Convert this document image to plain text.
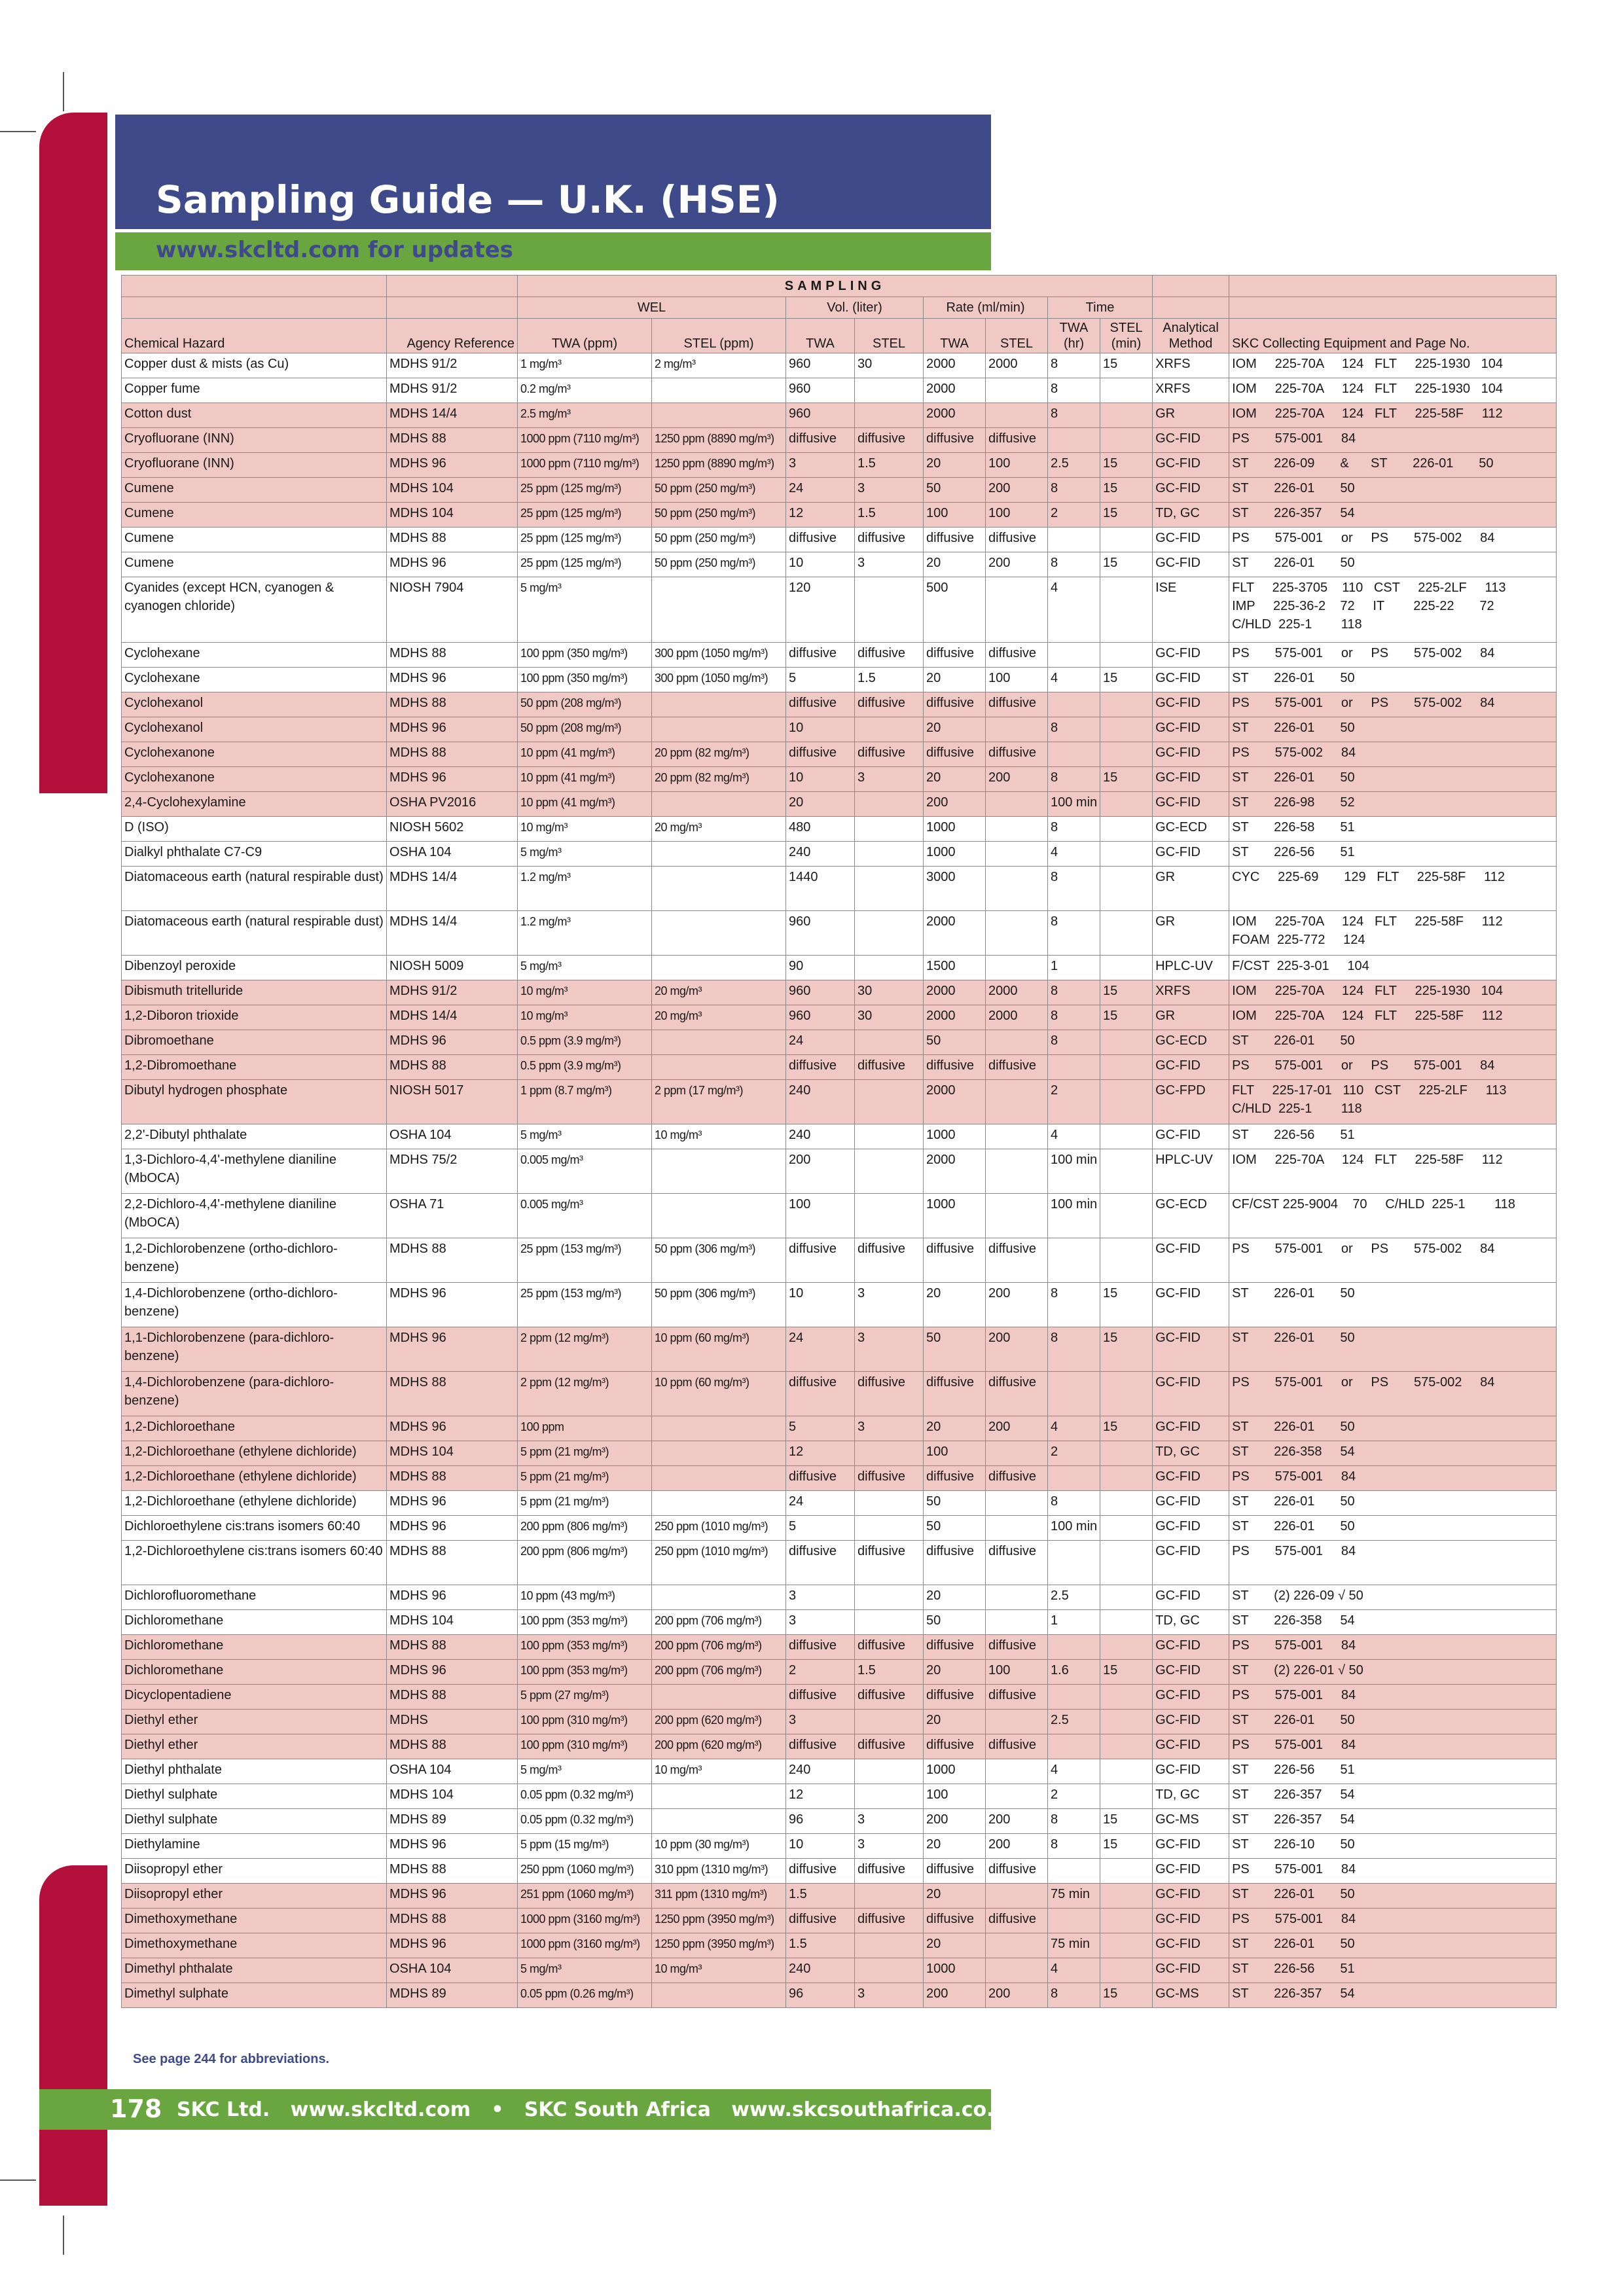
Sampling Guide — U.K. (HSE)
www.skcltd.com for updates
		SAMPLING									
		WEL		Vol. (liter)		Rate (ml/min)		Time			
Chemical Hazard	Agency Reference	TWA (ppm)	STEL (ppm)	TWA	STEL	TWA	STEL	TWA (hr)	STEL (min)	Analytical Method	SKC Collecting Equipment and Page No.
Copper dust & mists (as Cu)	MDHS 91/2	1 mg/m³	2 mg/m³	960	30	2000	2000	8	15	XRFS	IOM     225-70A     124   FLT     225-1930   104
Copper fume	MDHS 91/2	0.2 mg/m³		960		2000		8		XRFS	IOM     225-70A     124   FLT     225-1930   104
Cotton dust	MDHS 14/4	2.5 mg/m³		960		2000		8		GR	IOM     225-70A     124   FLT     225-58F     112
Cryofluorane (INN)	MDHS 88	1000 ppm (7110 mg/m³)	1250 ppm (8890 mg/m³)	diffusive	diffusive	diffusive	diffusive			GC-FID	PS       575-001     84
Cryofluorane (INN)	MDHS 96	1000 ppm (7110 mg/m³)	1250 ppm (8890 mg/m³)	3	1.5	20	100	2.5	15	GC-FID	ST       226-09       &      ST       226-01       50
Cumene	MDHS 104	25 ppm (125 mg/m³)	50 ppm (250 mg/m³)	24	3	50	200	8	15	GC-FID	ST       226-01       50
Cumene	MDHS 104	25 ppm (125 mg/m³)	50 ppm (250 mg/m³)	12	1.5	100	100	2	15	TD, GC	ST       226-357     54
Cumene	MDHS 88	25 ppm (125 mg/m³)	50 ppm (250 mg/m³)	diffusive	diffusive	diffusive	diffusive			GC-FID	PS       575-001     or     PS       575-002     84
Cumene	MDHS 96	25 ppm (125 mg/m³)	50 ppm (250 mg/m³)	10	3	20	200	8	15	GC-FID	ST       226-01       50
Cyanides (except HCN, cyanogen & cyanogen chloride)	NIOSH 7904	5 mg/m³		120		500		4		ISE	FLT     225-3705    110   CST     225-2LF     113
IMP     225-36-2    72     IT        225-22       72
C/HLD  225-1        118
Cyclohexane	MDHS 88	100 ppm (350 mg/m³)	300 ppm (1050 mg/m³)	diffusive	diffusive	diffusive	diffusive			GC-FID	PS       575-001     or     PS       575-002     84
Cyclohexane	MDHS 96	100 ppm (350 mg/m³)	300 ppm (1050 mg/m³)	5	1.5	20	100	4	15	GC-FID	ST       226-01       50
Cyclohexanol	MDHS 88	50 ppm (208 mg/m³)		diffusive	diffusive	diffusive	diffusive			GC-FID	PS       575-001     or     PS       575-002     84
Cyclohexanol	MDHS 96	50 ppm (208 mg/m³)		10		20		8		GC-FID	ST       226-01       50
Cyclohexanone	MDHS 88	10 ppm (41 mg/m³)	20 ppm (82 mg/m³)	diffusive	diffusive	diffusive	diffusive			GC-FID	PS       575-002     84
Cyclohexanone	MDHS 96	10 ppm (41 mg/m³)	20 ppm (82 mg/m³)	10	3	20	200	8	15	GC-FID	ST       226-01       50
2,4-Cyclohexylamine	OSHA PV2016	10 ppm (41 mg/m³)		20		200		100 min		GC-FID	ST       226-98       52
D (ISO)	NIOSH 5602	10 mg/m³	20 mg/m³	480		1000		8		GC-ECD	ST       226-58       51
Dialkyl phthalate C7-C9	OSHA 104	5 mg/m³		240		1000		4		GC-FID	ST       226-56       51
Diatomaceous earth (natural respirable dust)	MDHS 14/4	1.2 mg/m³		1440		3000		8		GR	CYC     225-69       129   FLT     225-58F     112
Diatomaceous earth (natural respirable dust)	MDHS 14/4	1.2 mg/m³		960		2000		8		GR	IOM     225-70A     124   FLT     225-58F     112
FOAM  225-772     124
Dibenzoyl peroxide	NIOSH 5009	5 mg/m³		90		1500		1		HPLC-UV	F/CST  225-3-01     104
Dibismuth tritelluride	MDHS 91/2	10 mg/m³	20 mg/m³	960	30	2000	2000	8	15	XRFS	IOM     225-70A     124   FLT     225-1930   104
1,2-Diboron trioxide	MDHS 14/4	10 mg/m³	20 mg/m³	960	30	2000	2000	8	15	GR	IOM     225-70A     124   FLT     225-58F     112
Dibromoethane	MDHS 96	0.5 ppm (3.9 mg/m³)		24		50		8		GC-ECD	ST       226-01       50
1,2-Dibromoethane	MDHS 88	0.5 ppm (3.9 mg/m³)		diffusive	diffusive	diffusive	diffusive			GC-FID	PS       575-001     or     PS       575-001     84
Dibutyl hydrogen phosphate	NIOSH 5017	1 ppm (8.7 mg/m³)	2 ppm (17 mg/m³)	240		2000		2		GC-FPD	FLT     225-17-01   110   CST     225-2LF     113
C/HLD  225-1        118
2,2'-Dibutyl phthalate	OSHA 104	5 mg/m³	10 mg/m³	240		1000		4		GC-FID	ST       226-56       51
1,3-Dichloro-4,4'-methylene dianiline (MbOCA)	MDHS 75/2	0.005 mg/m³		200		2000		100 min		HPLC-UV	IOM     225-70A     124   FLT     225-58F     112
2,2-Dichloro-4,4'-methylene dianiline (MbOCA)	OSHA 71	0.005 mg/m³		100		1000		100 min		GC-ECD	CF/CST 225-9004    70     C/HLD  225-1        118
1,2-Dichlorobenzene (ortho-dichloro-benzene)	MDHS 88	25 ppm (153 mg/m³)	50 ppm (306 mg/m³)	diffusive	diffusive	diffusive	diffusive			GC-FID	PS       575-001     or     PS       575-002     84
1,4-Dichlorobenzene (ortho-dichloro-benzene)	MDHS 96	25 ppm (153 mg/m³)	50 ppm (306 mg/m³)	10	3	20	200	8	15	GC-FID	ST       226-01       50
1,1-Dichlorobenzene (para-dichloro-benzene)	MDHS 96	2 ppm (12 mg/m³)	10 ppm (60 mg/m³)	24	3	50	200	8	15	GC-FID	ST       226-01       50
1,4-Dichlorobenzene (para-dichloro-benzene)	MDHS 88	2 ppm (12 mg/m³)	10 ppm (60 mg/m³)	diffusive	diffusive	diffusive	diffusive			GC-FID	PS       575-001     or     PS       575-002     84
1,2-Dichloroethane	MDHS 96	100 ppm		5	3	20	200	4	15	GC-FID	ST       226-01       50
1,2-Dichloroethane (ethylene dichloride)	MDHS 104	5 ppm (21 mg/m³)		12		100		2		TD, GC	ST       226-358     54
1,2-Dichloroethane (ethylene dichloride)	MDHS 88	5 ppm (21 mg/m³)		diffusive	diffusive	diffusive	diffusive			GC-FID	PS       575-001     84
1,2-Dichloroethane (ethylene dichloride)	MDHS 96	5 ppm (21 mg/m³)		24		50		8		GC-FID	ST       226-01       50
Dichloroethylene cis:trans isomers 60:40	MDHS 96	200 ppm (806 mg/m³)	250 ppm (1010 mg/m³)	5		50		100 min		GC-FID	ST       226-01       50
1,2-Dichloroethylene cis:trans isomers 60:40	MDHS 88	200 ppm (806 mg/m³)	250 ppm (1010 mg/m³)	diffusive	diffusive	diffusive	diffusive			GC-FID	PS       575-001     84
Dichlorofluoromethane	MDHS 96	10 ppm (43 mg/m³)		3		20		2.5		GC-FID	ST       (2) 226-09 √ 50
Dichloromethane	MDHS 104	100 ppm (353 mg/m³)	200 ppm (706 mg/m³)	3		50		1		TD, GC	ST       226-358     54
Dichloromethane	MDHS 88	100 ppm (353 mg/m³)	200 ppm (706 mg/m³)	diffusive	diffusive	diffusive	diffusive			GC-FID	PS       575-001     84
Dichloromethane	MDHS 96	100 ppm (353 mg/m³)	200 ppm (706 mg/m³)	2	1.5	20	100	1.6	15	GC-FID	ST       (2) 226-01 √ 50
Dicyclopentadiene	MDHS 88	5 ppm (27 mg/m³)		diffusive	diffusive	diffusive	diffusive			GC-FID	PS       575-001     84
Diethyl ether	MDHS	100 ppm (310 mg/m³)	200 ppm (620 mg/m³)	3		20		2.5		GC-FID	ST       226-01       50
Diethyl ether	MDHS 88	100 ppm (310 mg/m³)	200 ppm (620 mg/m³)	diffusive	diffusive	diffusive	diffusive			GC-FID	PS       575-001     84
Diethyl phthalate	OSHA 104	5 mg/m³	10 mg/m³	240		1000		4		GC-FID	ST       226-56       51
Diethyl sulphate	MDHS 104	0.05 ppm (0.32 mg/m³)		12		100		2		TD, GC	ST       226-357     54
Diethyl sulphate	MDHS 89	0.05 ppm (0.32 mg/m³)		96	3	200	200	8	15	GC-MS	ST       226-357     54
Diethylamine	MDHS 96	5 ppm (15 mg/m³)	10 ppm (30 mg/m³)	10	3	20	200	8	15	GC-FID	ST       226-10       50
Diisopropyl ether	MDHS 88	250 ppm (1060 mg/m³)	310 ppm (1310 mg/m³)	diffusive	diffusive	diffusive	diffusive			GC-FID	PS       575-001     84
Diisopropyl ether	MDHS 96	251 ppm (1060 mg/m³)	311 ppm (1310 mg/m³)	1.5		20		75 min		GC-FID	ST       226-01       50
Dimethoxymethane	MDHS 88	1000 ppm (3160 mg/m³)	1250 ppm (3950 mg/m³)	diffusive	diffusive	diffusive	diffusive			GC-FID	PS       575-001     84
Dimethoxymethane	MDHS 96	1000 ppm (3160 mg/m³)	1250 ppm (3950 mg/m³)	1.5		20		75 min		GC-FID	ST       226-01       50
Dimethyl phthalate	OSHA 104	5 mg/m³	10 mg/m³	240		1000		4		GC-FID	ST       226-56       51
Dimethyl sulphate	MDHS 89	0.05 ppm (0.26 mg/m³)		96	3	200	200	8	15	GC-MS	ST       226-357     54
See page 244 for abbreviations.
178 SKC Ltd.   www.skcltd.com   •   SKC South Africa   www.skcsouthafrica.co.za
